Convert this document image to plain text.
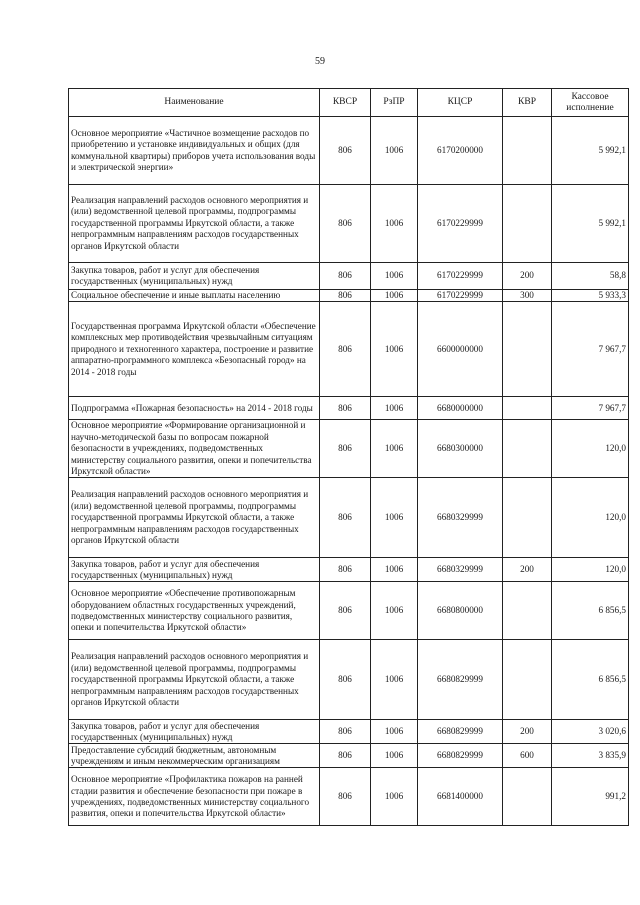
59
Наименование	КВСР	РзПР	КЦСР	КВР	Кассовое исполнение
Основное мероприятие «Частичное возмещение расходов по приобретению и установке индивидуальных и общих (для коммунальной квартиры) приборов учета использования воды и электрической энергии»	806	1006	6170200000		5 992,1
Реализация направлений расходов основного мероприятия и (или) ведомственной целевой программы, подпрограммы государственной программы Иркутской области, а также непрограммным направлениям расходов государственных органов Иркутской области	806	1006	6170229999		5 992,1
Закупка товаров, работ и услуг для обеспечения государственных (муниципальных) нужд	806	1006	6170229999	200	58,8
Социальное обеспечение и иные выплаты населению	806	1006	6170229999	300	5 933,3
Государственная программа Иркутской области «Обеспечение комплексных мер противодействия чрезвычайным ситуациям природного и техногенного характера, построение и развитие аппаратно-программного комплекса «Безопасный город» на 2014 - 2018 годы	806	1006	6600000000		7 967,7
Подпрограмма «Пожарная безопасность» на 2014 - 2018 годы	806	1006	6680000000		7 967,7
Основное мероприятие «Формирование организационной и научно-методической базы по вопросам пожарной безопасности в учреждениях, подведомственных министерству социального развития, опеки и попечительства Иркутской области»	806	1006	6680300000		120,0
Реализация направлений расходов основного мероприятия и (или) ведомственной целевой программы, подпрограммы государственной программы Иркутской области, а также непрограммным направлениям расходов государственных органов Иркутской области	806	1006	6680329999		120,0
Закупка товаров, работ и услуг для обеспечения государственных (муниципальных) нужд	806	1006	6680329999	200	120,0
Основное мероприятие «Обеспечение противопожарным оборудованием областных государственных учреждений, подведомственных министерству социального развития, опеки и попечительства Иркутской области»	806	1006	6680800000		6 856,5
Реализация направлений расходов основного мероприятия и (или) ведомственной целевой программы, подпрограммы государственной программы Иркутской области, а также непрограммным направлениям расходов государственных органов Иркутской области	806	1006	6680829999		6 856,5
Закупка товаров, работ и услуг для обеспечения государственных (муниципальных) нужд	806	1006	6680829999	200	3 020,6
Предоставление субсидий бюджетным, автономным учреждениям и иным некоммерческим организациям	806	1006	6680829999	600	3 835,9
Основное мероприятие «Профилактика пожаров на ранней стадии развития и обеспечение безопасности при пожаре в учреждениях, подведомственных министерству социального развития, опеки и попечительства Иркутской области»	806	1006	6681400000		991,2
